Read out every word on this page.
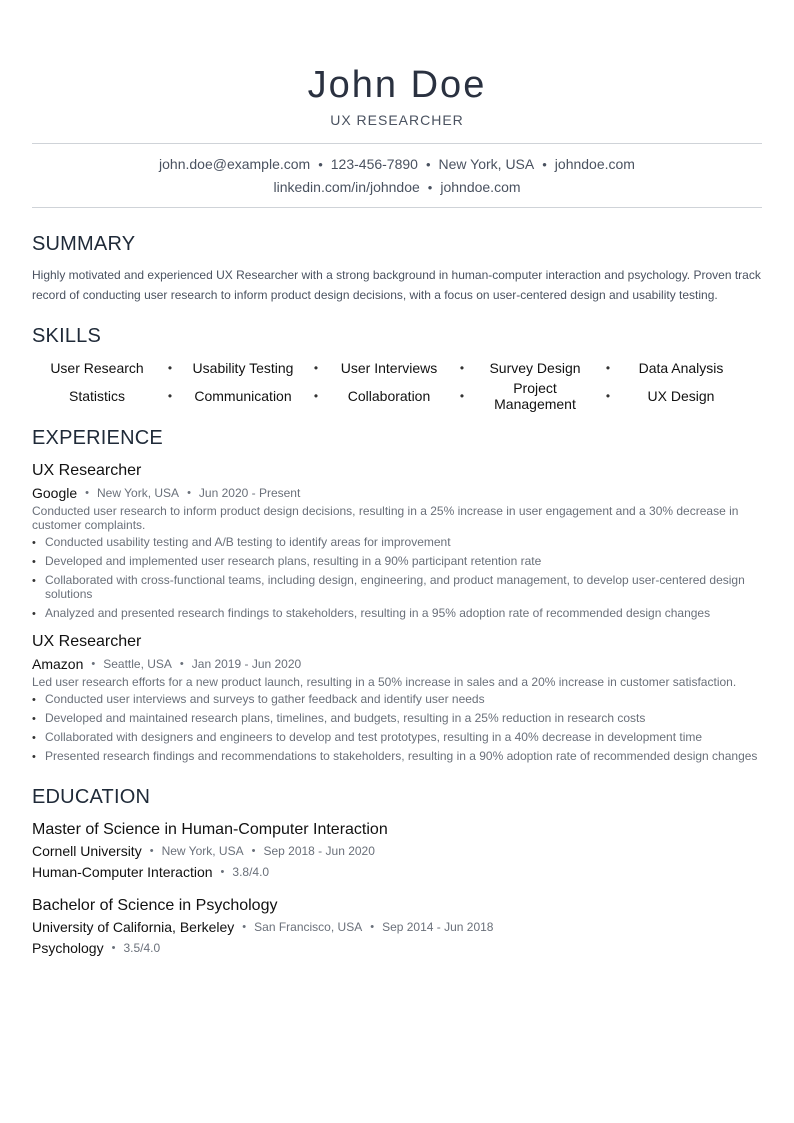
John Doe
UX RESEARCHER
john.doe@example.com • 123-456-7890 • New York, USA • johndoe.com
linkedin.com/in/johndoe • johndoe.com
SUMMARY
Highly motivated and experienced UX Researcher with a strong background in human-computer interaction and psychology. Proven track record of conducting user research to inform product design decisions, with a focus on user-centered design and usability testing.
SKILLS
User Research	•	Usability Testing	•	User Interviews	•	Survey Design	•	Data Analysis
Statistics	•	Communication	•	Collaboration	•	Project Management	•	UX Design
EXPERIENCE
UX Researcher
Google • New York, USA • Jun 2020 - Present
Conducted user research to inform product design decisions, resulting in a 25% increase in user engagement and a 30% decrease in customer complaints.
• Conducted usability testing and A/B testing to identify areas for improvement
• Developed and implemented user research plans, resulting in a 90% participant retention rate
• Collaborated with cross-functional teams, including design, engineering, and product management, to develop user-centered design solutions
• Analyzed and presented research findings to stakeholders, resulting in a 95% adoption rate of recommended design changes
UX Researcher
Amazon • Seattle, USA • Jan 2019 - Jun 2020
Led user research efforts for a new product launch, resulting in a 50% increase in sales and a 20% increase in customer satisfaction.
• Conducted user interviews and surveys to gather feedback and identify user needs
• Developed and maintained research plans, timelines, and budgets, resulting in a 25% reduction in research costs
• Collaborated with designers and engineers to develop and test prototypes, resulting in a 40% decrease in development time
• Presented research findings and recommendations to stakeholders, resulting in a 90% adoption rate of recommended design changes
EDUCATION
Master of Science in Human-Computer Interaction
Cornell University • New York, USA • Sep 2018 - Jun 2020
Human-Computer Interaction • 3.8/4.0
Bachelor of Science in Psychology
University of California, Berkeley • San Francisco, USA • Sep 2014 - Jun 2018
Psychology • 3.5/4.0
